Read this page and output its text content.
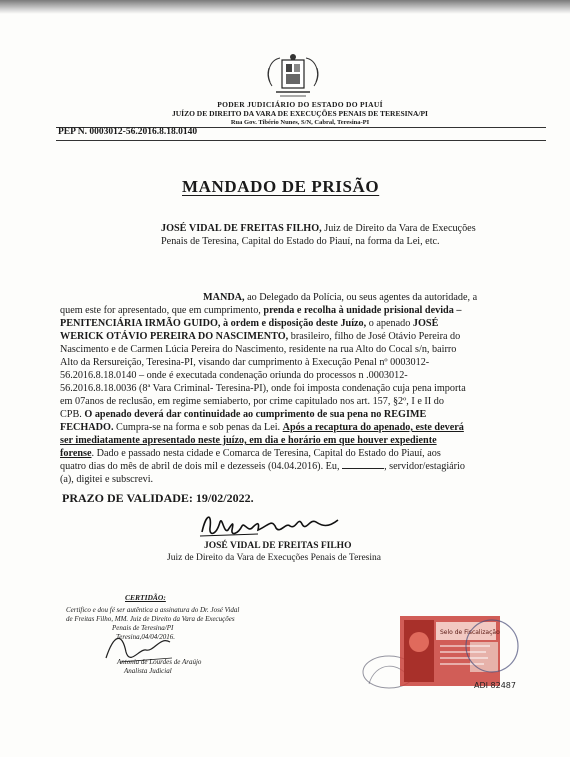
PODER JUDICIÁRIO DO ESTADO DO PIAUÍ
JUÍZO DE DIREITO DA VARA DE EXECUÇÕES PENAIS DE TERESINA/PI
Rua Gov. Tibério Nunes, S/N, Cabral, Teresina-PI
PEP N. 0003012-56.2016.8.18.0140
MANDADO DE PRISÃO
JOSÉ VIDAL DE FREITAS FILHO, Juiz de Direito da Vara de Execuções
Penais de Teresina, Capital do Estado do Piauí, na forma da Lei, etc.
MANDA, ao Delegado da Polícia, ou seus agentes da autoridade, a
quem este for apresentado, que em cumprimento, prenda e recolha à unidade prisional devida –
PENITENCIÁRIA IRMÃO GUIDO, à ordem e disposição deste Juízo, o apenado JOSÉ
WERICK OTÁVIO PEREIRA DO NASCIMENTO, brasileiro, filho de José Otávio Pereira do
Nascimento e de Carmen Lúcia Pereira do Nascimento, residente na rua Alto do Cocal s/n, bairro
Alto da Rersureição, Teresina-PI, visando dar cumprimento à Execução Penal nº 0003012-
56.2016.8.18.0140 – onde é executada condenação oriunda do processos n .0003012-
56.2016.8.18.0036 (8ª Vara Criminal- Teresina-PI), onde foi imposta condenação cuja pena importa
em 07anos de reclusão, em regime semiaberto, por crime capitulado nos art. 157, §2º, I e II do
CPB. O apenado deverá dar continuidade ao cumprimento de sua pena no REGIME
FECHADO. Cumpra-se na forma e sob penas da Lei. Após a recaptura do apenado, este deverá
ser imediatamente apresentado neste juízo, em dia e horário em que houver expediente
forense. Dado e passado nesta cidade e Comarca de Teresina, Capital do Estado do Piauí, aos
quatro dias do mês de abril de dois mil e dezesseis (04.04.2016). Eu,	, servidor/estagiário
(a), digitei e subscrevi.
PRAZO DE VALIDADE: 19/02/2022.
JOSÉ VIDAL DE FREITAS FILHO
Juiz de Direito da Vara de Execuções Penais de Teresina
CERTIDÃO:
Certifico e dou fé ser autêntica a assinatura do Dr. José Vidal
de Freitas Filho, MM. Juiz de Direito da Vara de Execuções
Penais de Teresina/PI
Teresina,04/04/2016.
Antonia de Lourdes de Araújo
Analista Judicial
Selo de Fiscalização
ADI 82487
